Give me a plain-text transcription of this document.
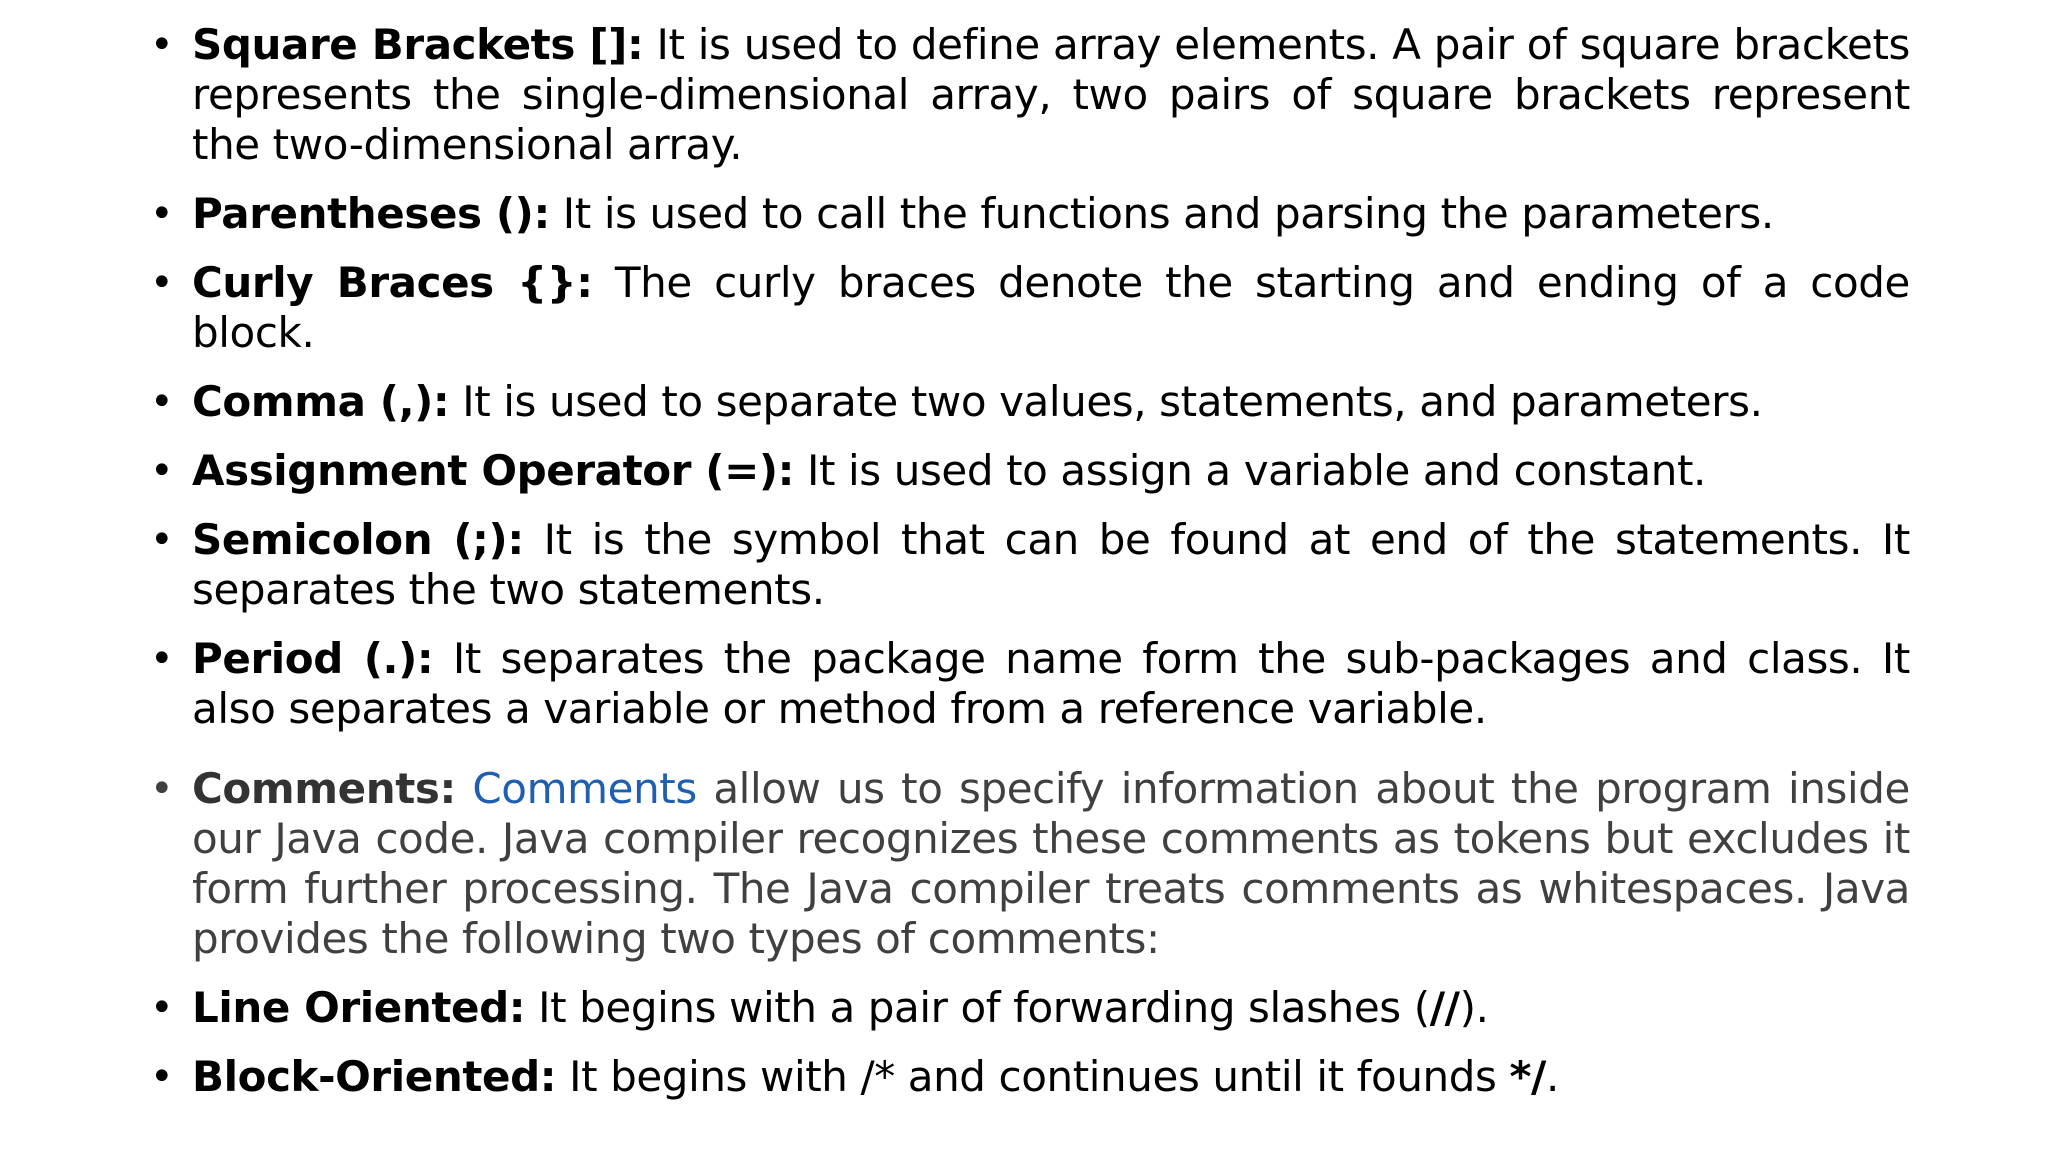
• Square Brackets []: It is used to define array elements. A pair of square brackets represents the single-dimensional array, two pairs of square brackets represent the two-dimensional array.
• Parentheses (): It is used to call the functions and parsing the parameters.
• Curly Braces {}: The curly braces denote the starting and ending of a code block.
• Comma (,): It is used to separate two values, statements, and parameters.
• Assignment Operator (=): It is used to assign a variable and constant.
• Semicolon (;): It is the symbol that can be found at end of the statements. It separates the two statements.
• Period (.): It separates the package name form the sub-packages and class. It also separates a variable or method from a reference variable.
• Comments: Comments allow us to specify information about the program inside our Java code. Java compiler recognizes these comments as tokens but excludes it form further processing. The Java compiler treats comments as whitespaces. Java provides the following two types of comments:
• Line Oriented: It begins with a pair of forwarding slashes (//).
• Block-Oriented: It begins with /* and continues until it founds */.
